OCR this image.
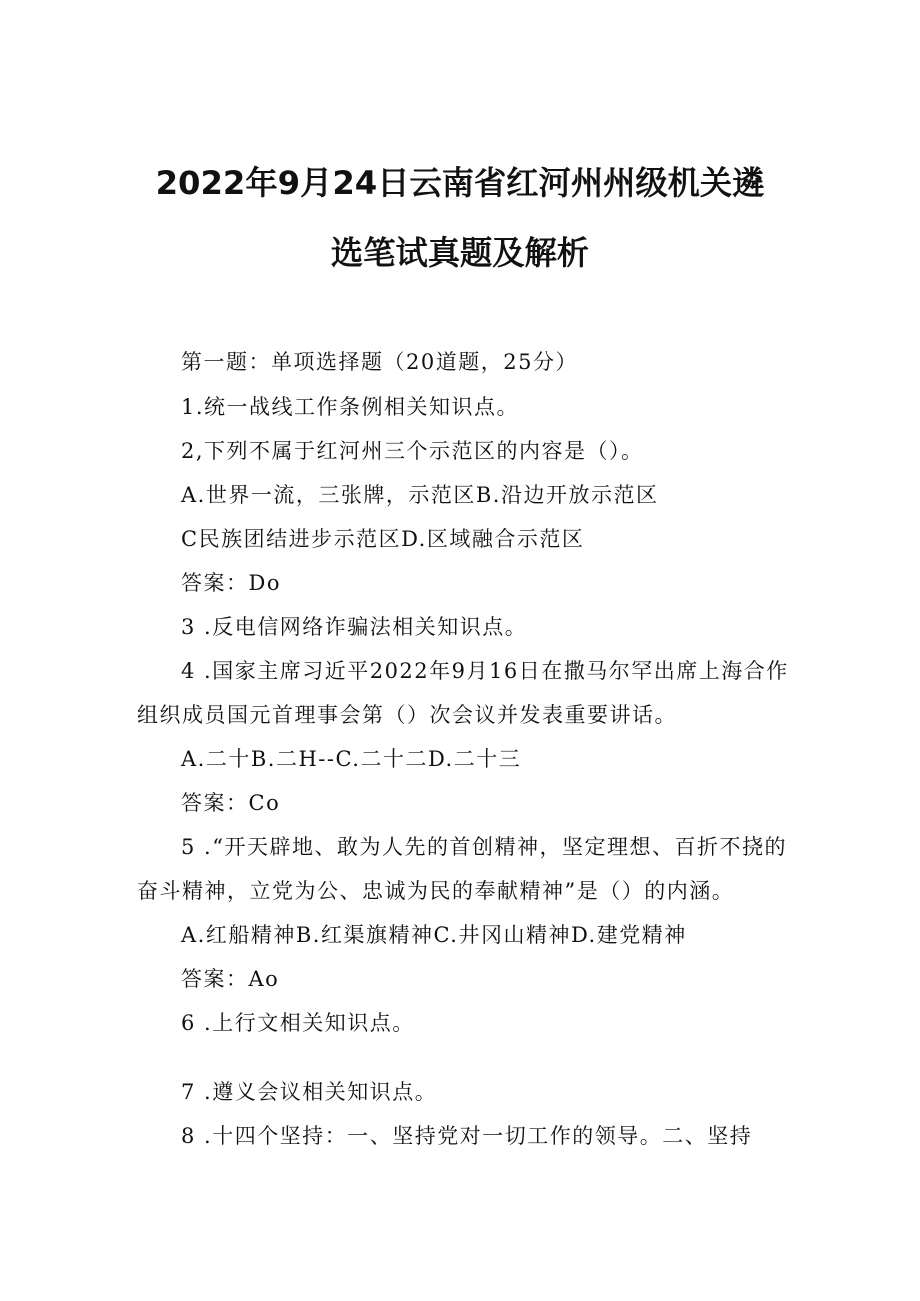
2022年9月24日云南省红河州州级机关遴
选笔试真题及解析
第一题：单项选择题（20道题，25分）
1.统一战线工作条例相关知识点。
2,下列不属于红河州三个示范区的内容是（）。
A.世界一流，三张牌，示范区B.沿边开放示范区
C民族团结进步示范区D.区域融合示范区
答案：Do
3 .反电信网络诈骗法相关知识点。
4 .国家主席习近平2022年9月16日在撒马尔罕出席上海合作
组织成员国元首理事会第（）次会议并发表重要讲话。
A.二十B.二H--C.二十二D.二十三
答案：Co
5 .“开天辟地、敢为人先的首创精神，坚定理想、百折不挠的
奋斗精神，立党为公、忠诚为民的奉献精神”是（）的内涵。
A.红船精神B.红渠旗精神C.井冈山精神D.建党精神
答案：Ao
6 .上行文相关知识点。
7 .遵义会议相关知识点。
8 .十四个坚持：一、坚持党对一切工作的领导。二、坚持
